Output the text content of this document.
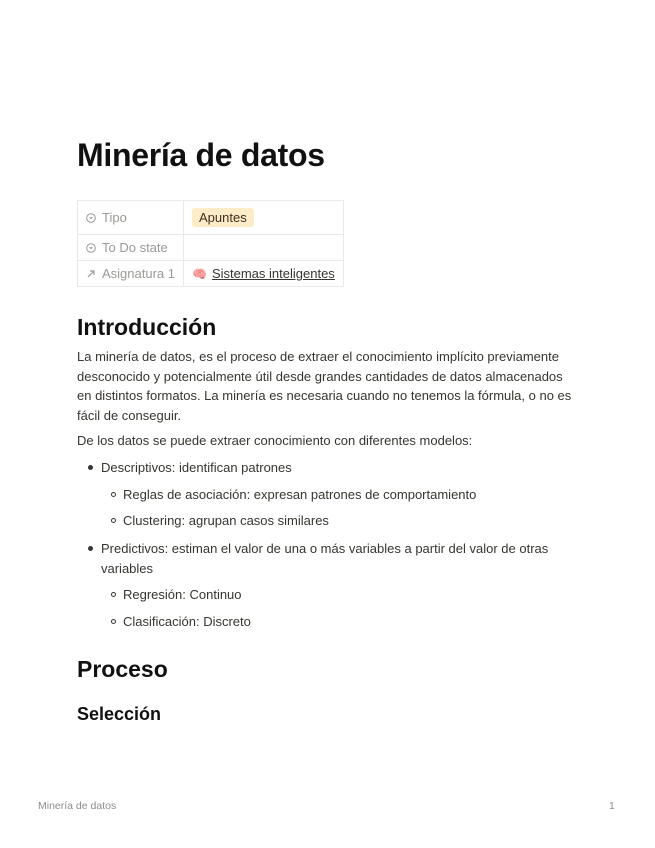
Minería de datos
Tipo	Apuntes
To Do state	
Asignatura 1	🧠 Sistemas inteligentes
Introducción

La minería de datos, es el proceso de extraer el conocimiento implícito previamente desconocido y potencialmente útil desde grandes cantidades de datos almacenados en distintos formatos. La minería es necesaria cuando no tenemos la fórmula, o no es fácil de conseguir.

De los datos se puede extraer conocimiento con diferentes modelos:

Descriptivos: identifican patrones
Reglas de asociación: expresan patrones de comportamiento
Clustering: agrupan casos similares
Predictivos: estiman el valor de una o más variables a partir del valor de otras variables
Regresión: Continuo
Clasificación: Discreto
Proceso
Selección
Minería de datos	1
